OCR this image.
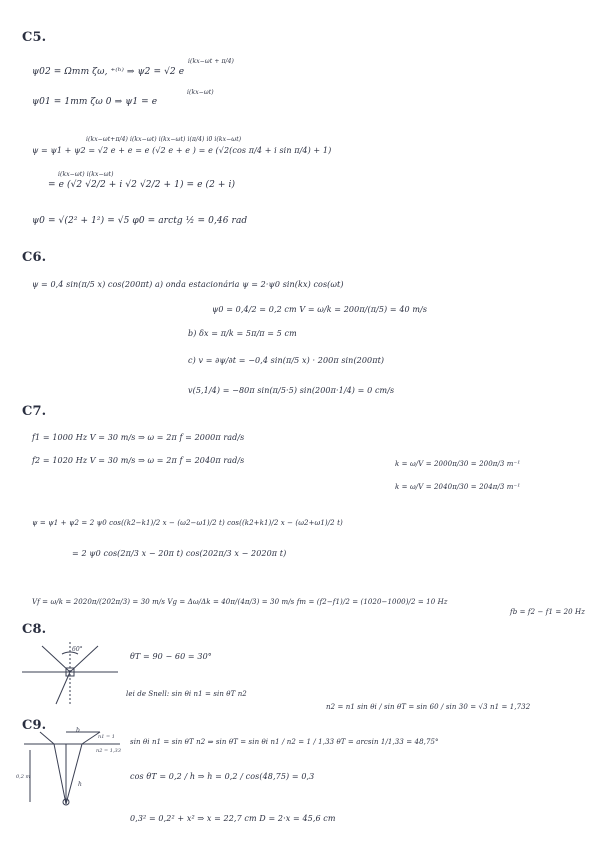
C5.
ψ02 = Ωmm ζω, ⁺⁽ʰ⁾ ⇒ ψ2 = √2 e
i(kx−ωt + π/4)
ψ01 = 1mm ζω 0 ⇒ ψ1 = e
i(kx−ωt)
ψ = ψ1 + ψ2 = √2 e + e = e (√2 e + e ) = e (√2(cos π/4 + i sin π/4) + 1)
i(kx−ωt+π/4) i(kx−ωt) i(kx−ωt) i(π/4) i0 i(kx−ωt)
= e (√2 √2/2 + i √2 √2/2 + 1) = e (2 + i)
i(kx−ωt) i(kx−ωt)
ψ0 = √(2² + 1²) = √5 φ0 = arctg ½ = 0,46 rad
C6.
ψ = 0,4 sin(π/5 x) cos(200πt) a) onda estacionária ψ = 2·ψ0 sin(kx) cos(ωt)
ψ0 = 0,4/2 = 0,2 cm V = ω/k = 200π/(π/5) = 40 m/s
b) δx = π/k = 5π/π = 5 cm
c) v = ∂ψ/∂t = −0,4 sin(π/5 x) · 200π sin(200πt)
v(5,1/4) = −80π sin(π/5·5) sin(200π·1/4) = 0 cm/s
C7.
f1 = 1000 Hz V = 30 m/s ⇒ ω = 2π f = 2000π rad/s
k = ω/V = 2000π/30 = 200π/3 m⁻¹
f2 = 1020 Hz V = 30 m/s ⇒ ω = 2π f = 2040π rad/s
k = ω/V = 2040π/30 = 204π/3 m⁻¹
ψ = ψ1 + ψ2 = 2 ψ0 cos((k2−k1)/2 x − (ω2−ω1)/2 t) cos((k2+k1)/2 x − (ω2+ω1)/2 t)
= 2 ψ0 cos(2π/3 x − 20π t) cos(202π/3 x − 2020π t)
Vf = ω/k = 2020π/(202π/3) = 30 m/s Vg = Δω/Δk = 40π/(4π/3) = 30 m/s fm = (f2−f1)/2 = (1020−1000)/2 = 10 Hz
fb = f2 − f1 = 20 Hz
C8.
60°
θT = 90 − 60 = 30°
lei de Snell: sin θi n1 = sin θT n2
n2 = n1 sin θi / sin θT = sin 60 / sin 30 = √3 n1 = 1,732
C9.	b
n1 = 1
n2 = 1,33
0,2 m
h
sin θi n1 = sin θT n2 ⇒ sin θT = sin θi n1 / n2 = 1 / 1,33 θT = arcsin 1/1,33 = 48,75°
cos θT = 0,2 / h ⇒ h = 0,2 / cos(48,75) = 0,3
0,3² = 0,2² + x² ⇒ x = 22,7 cm D = 2·x = 45,6 cm
